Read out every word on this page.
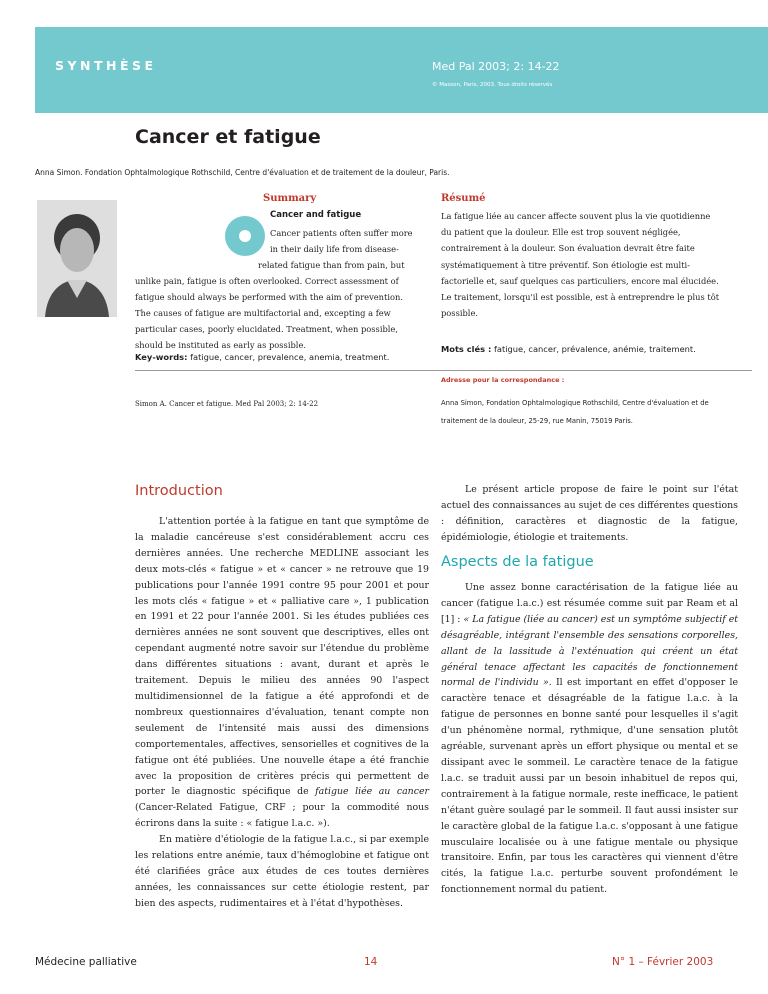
SYNTHÈSE	Med Pal 2003; 2: 14-22
© Masson, Paris, 2003. Tous droits réservés
Cancer et fatigue
Anna Simon. Fondation Ophtalmologique Rothschild, Centre d'évaluation et de traitement de la douleur, Paris.
Summary	Résumé
Cancer and fatigue
Cancer patients often suffer more
in their daily life from disease-
related fatigue than from pain, but
unlike pain, fatigue is often overlooked. Correct assessment of
fatigue should always be performed with the aim of prevention.
The causes of fatigue are multifactorial and, excepting a few
particular cases, poorly elucidated. Treatment, when possible,
should be instituted as early as possible.
La fatigue liée au cancer affecte souvent plus la vie quotidienne
du patient que la douleur. Elle est trop souvent négligée,
contrairement à la douleur. Son évaluation devrait être faite
systématiquement à titre préventif. Son étiologie est multi-
factorielle et, sauf quelques cas particuliers, encore mal élucidée.
Le traitement, lorsqu'il est possible, est à entreprendre le plus tôt
possible.
Mots clés : fatigue, cancer, prévalence, anémie, traitement.
Key-words: fatigue, cancer, prevalence, anemia, treatment.
Adresse pour la correspondance :
Anna Simon, Fondation Ophtalmologique Rothschild, Centre d'évaluation et de
traitement de la douleur, 25-29, rue Manin, 75019 Paris.
Simon A. Cancer et fatigue. Med Pal 2003; 2: 14-22
Introduction

L'attention portée à la fatigue en tant que symptôme de la maladie cancéreuse s'est considérablement accru ces dernières années. Une recherche MEDLINE associant les deux mots-clés « fatigue » et « cancer » ne retrouve que 19 publications pour l'année 1991 contre 95 pour 2001 et pour les mots clés « fatigue » et « palliative care », 1 publication en 1991 et 22 pour l'année 2001. Si les études publiées ces dernières années ne sont souvent que descriptives, elles ont cependant augmenté notre savoir sur l'étendue du problème dans différentes situations : avant, durant et après le traitement. Depuis le milieu des années 90 l'aspect multidimensionnel de la fatigue a été approfondi et de nombreux questionnaires d'évaluation, tenant compte non seulement de l'intensité mais aussi des dimensions comportementales, affectives, sensorielles et cognitives de la fatigue ont été publiées. Une nouvelle étape a été franchie avec la proposition de critères précis qui permettent de porter le diagnostic spécifique de fatigue liée au cancer (Cancer-Related Fatigue, CRF ; pour la commodité nous écrirons dans la suite : « fatigue l.a.c. »).

En matière d'étiologie de la fatigue l.a.c., si par exemple les relations entre anémie, taux d'hémoglobine et fatigue ont été clarifiées grâce aux études de ces toutes dernières années, les connaissances sur cette étiologie restent, par bien des aspects, rudimentaires et à l'état d'hypothèses.

Le présent article propose de faire le point sur l'état actuel des connaissances au sujet de ces différentes questions : définition, caractères et diagnostic de la fatigue, épidémiologie, étiologie et traitements.

Aspects de la fatigue

Une assez bonne caractérisation de la fatigue liée au cancer (fatigue l.a.c.) est résumée comme suit par Ream et al [1] : « La fatigue (liée au cancer) est un symptôme subjectif et désagréable, intégrant l'ensemble des sensations corporelles, allant de la lassitude à l'exténuation qui créent un état général tenace affectant les capacités de fonctionnement normal de l'individu ». Il est important en effet d'opposer le caractère tenace et désagréable de la fatigue l.a.c. à la fatigue de personnes en bonne santé pour lesquelles il s'agit d'un phénomène normal, rythmique, d'une sensation plutôt agréable, survenant après un effort physique ou mental et se dissipant avec le sommeil. Le caractère tenace de la fatigue l.a.c. se traduit aussi par un besoin inhabituel de repos qui, contrairement à la fatigue normale, reste inefficace, le patient n'étant guère soulagé par le sommeil. Il faut aussi insister sur le caractère global de la fatigue l.a.c. s'opposant à une fatigue musculaire localisée ou à une fatigue mentale ou physique transitoire. Enfin, par tous les caractères qui viennent d'être cités, la fatigue l.a.c. perturbe souvent profondément le fonctionnement normal du patient.

Médecine palliative	14	N° 1 – Février 2003
